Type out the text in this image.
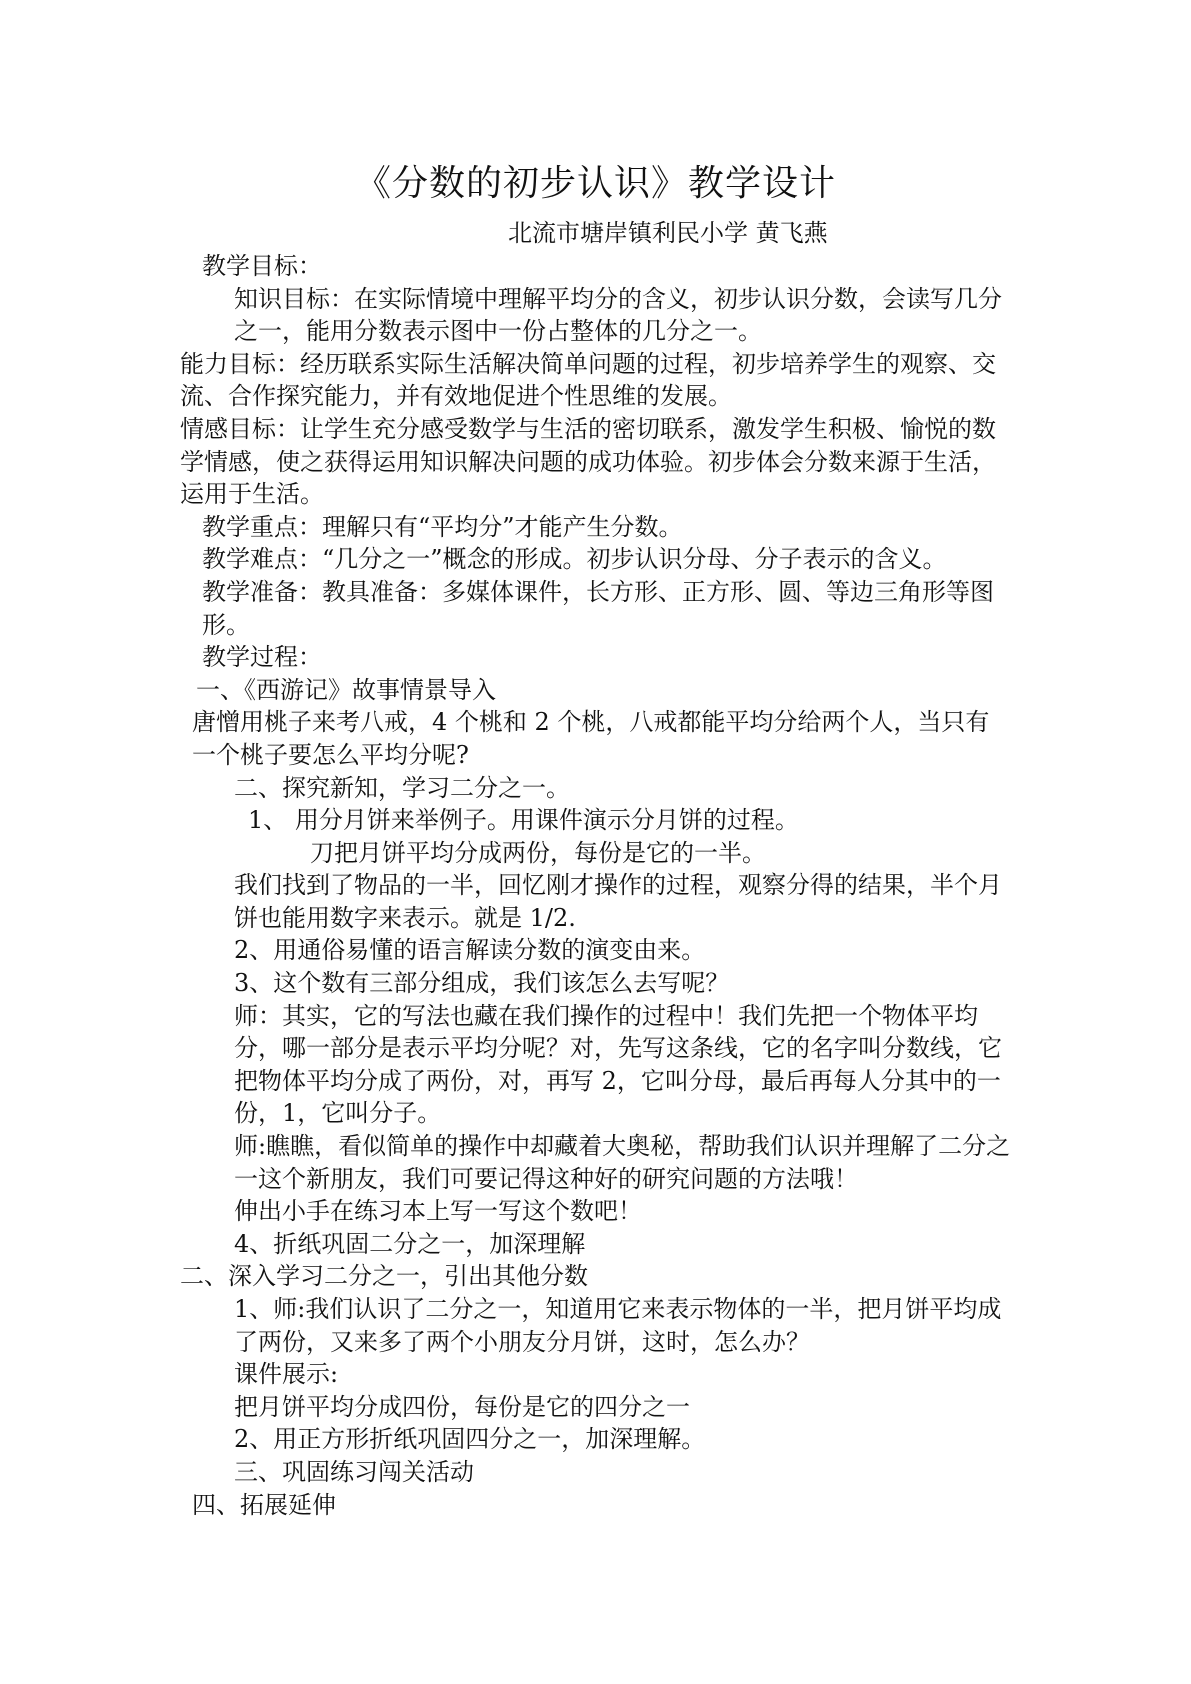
《分数的初步认识》教学设计
北流市塘岸镇利民小学 黄飞燕

教学目标：

知识目标：在实际情境中理解平均分的含义，初步认识分数，会读写几分之一，能用分数表示图中一份占整体的几分之一。

能力目标：经历联系实际生活解决简单问题的过程，初步培养学生的观察、交流、合作探究能力，并有效地促进个性思维的发展。

情感目标：让学生充分感受数学与生活的密切联系，激发学生积极、愉悦的数学情感，使之获得运用知识解决问题的成功体验。初步体会分数来源于生活，运用于生活。

教学重点：理解只有“平均分”才能产生分数。

教学难点：“几分之一”概念的形成。初步认识分母、分子表示的含义。

教学准备：教具准备：多媒体课件，长方形、正方形、圆、等边三角形等图形。

教学过程：

一、《西游记》故事情景导入

唐憎用桃子来考八戒，4 个桃和 2 个桃，八戒都能平均分给两个人，当只有一个桃子要怎么平均分呢?

二、探究新知，学习二分之一。

1、 用分月饼来举例子。用课件演示分月饼的过程。

刀把月饼平均分成两份，每份是它的一半。

我们找到了物品的一半，回忆刚才操作的过程，观察分得的结果，半个月饼也能用数字来表示。就是 1/2.

2、用通俗易懂的语言解读分数的演变由来。

3、这个数有三部分组成，我们该怎么去写呢？

师：其实，它的写法也藏在我们操作的过程中！我们先把一个物体平均分，哪一部分是表示平均分呢？对，先写这条线，它的名字叫分数线，它把物体平均分成了两份，对，再写 2，它叫分母，最后再每人分其中的一份，1，它叫分子。

师:瞧瞧，看似简单的操作中却藏着大奥秘，帮助我们认识并理解了二分之一这个新朋友，我们可要记得这种好的研究问题的方法哦！

伸出小手在练习本上写一写这个数吧！

4、折纸巩固二分之一，加深理解

二、深入学习二分之一，引出其他分数

1、师:我们认识了二分之一，知道用它来表示物体的一半，把月饼平均成了两份，又来多了两个小朋友分月饼，这时，怎么办？

课件展示:

把月饼平均分成四份，每份是它的四分之一

2、用正方形折纸巩固四分之一，加深理解。

三、巩固练习闯关活动

四、拓展延伸
